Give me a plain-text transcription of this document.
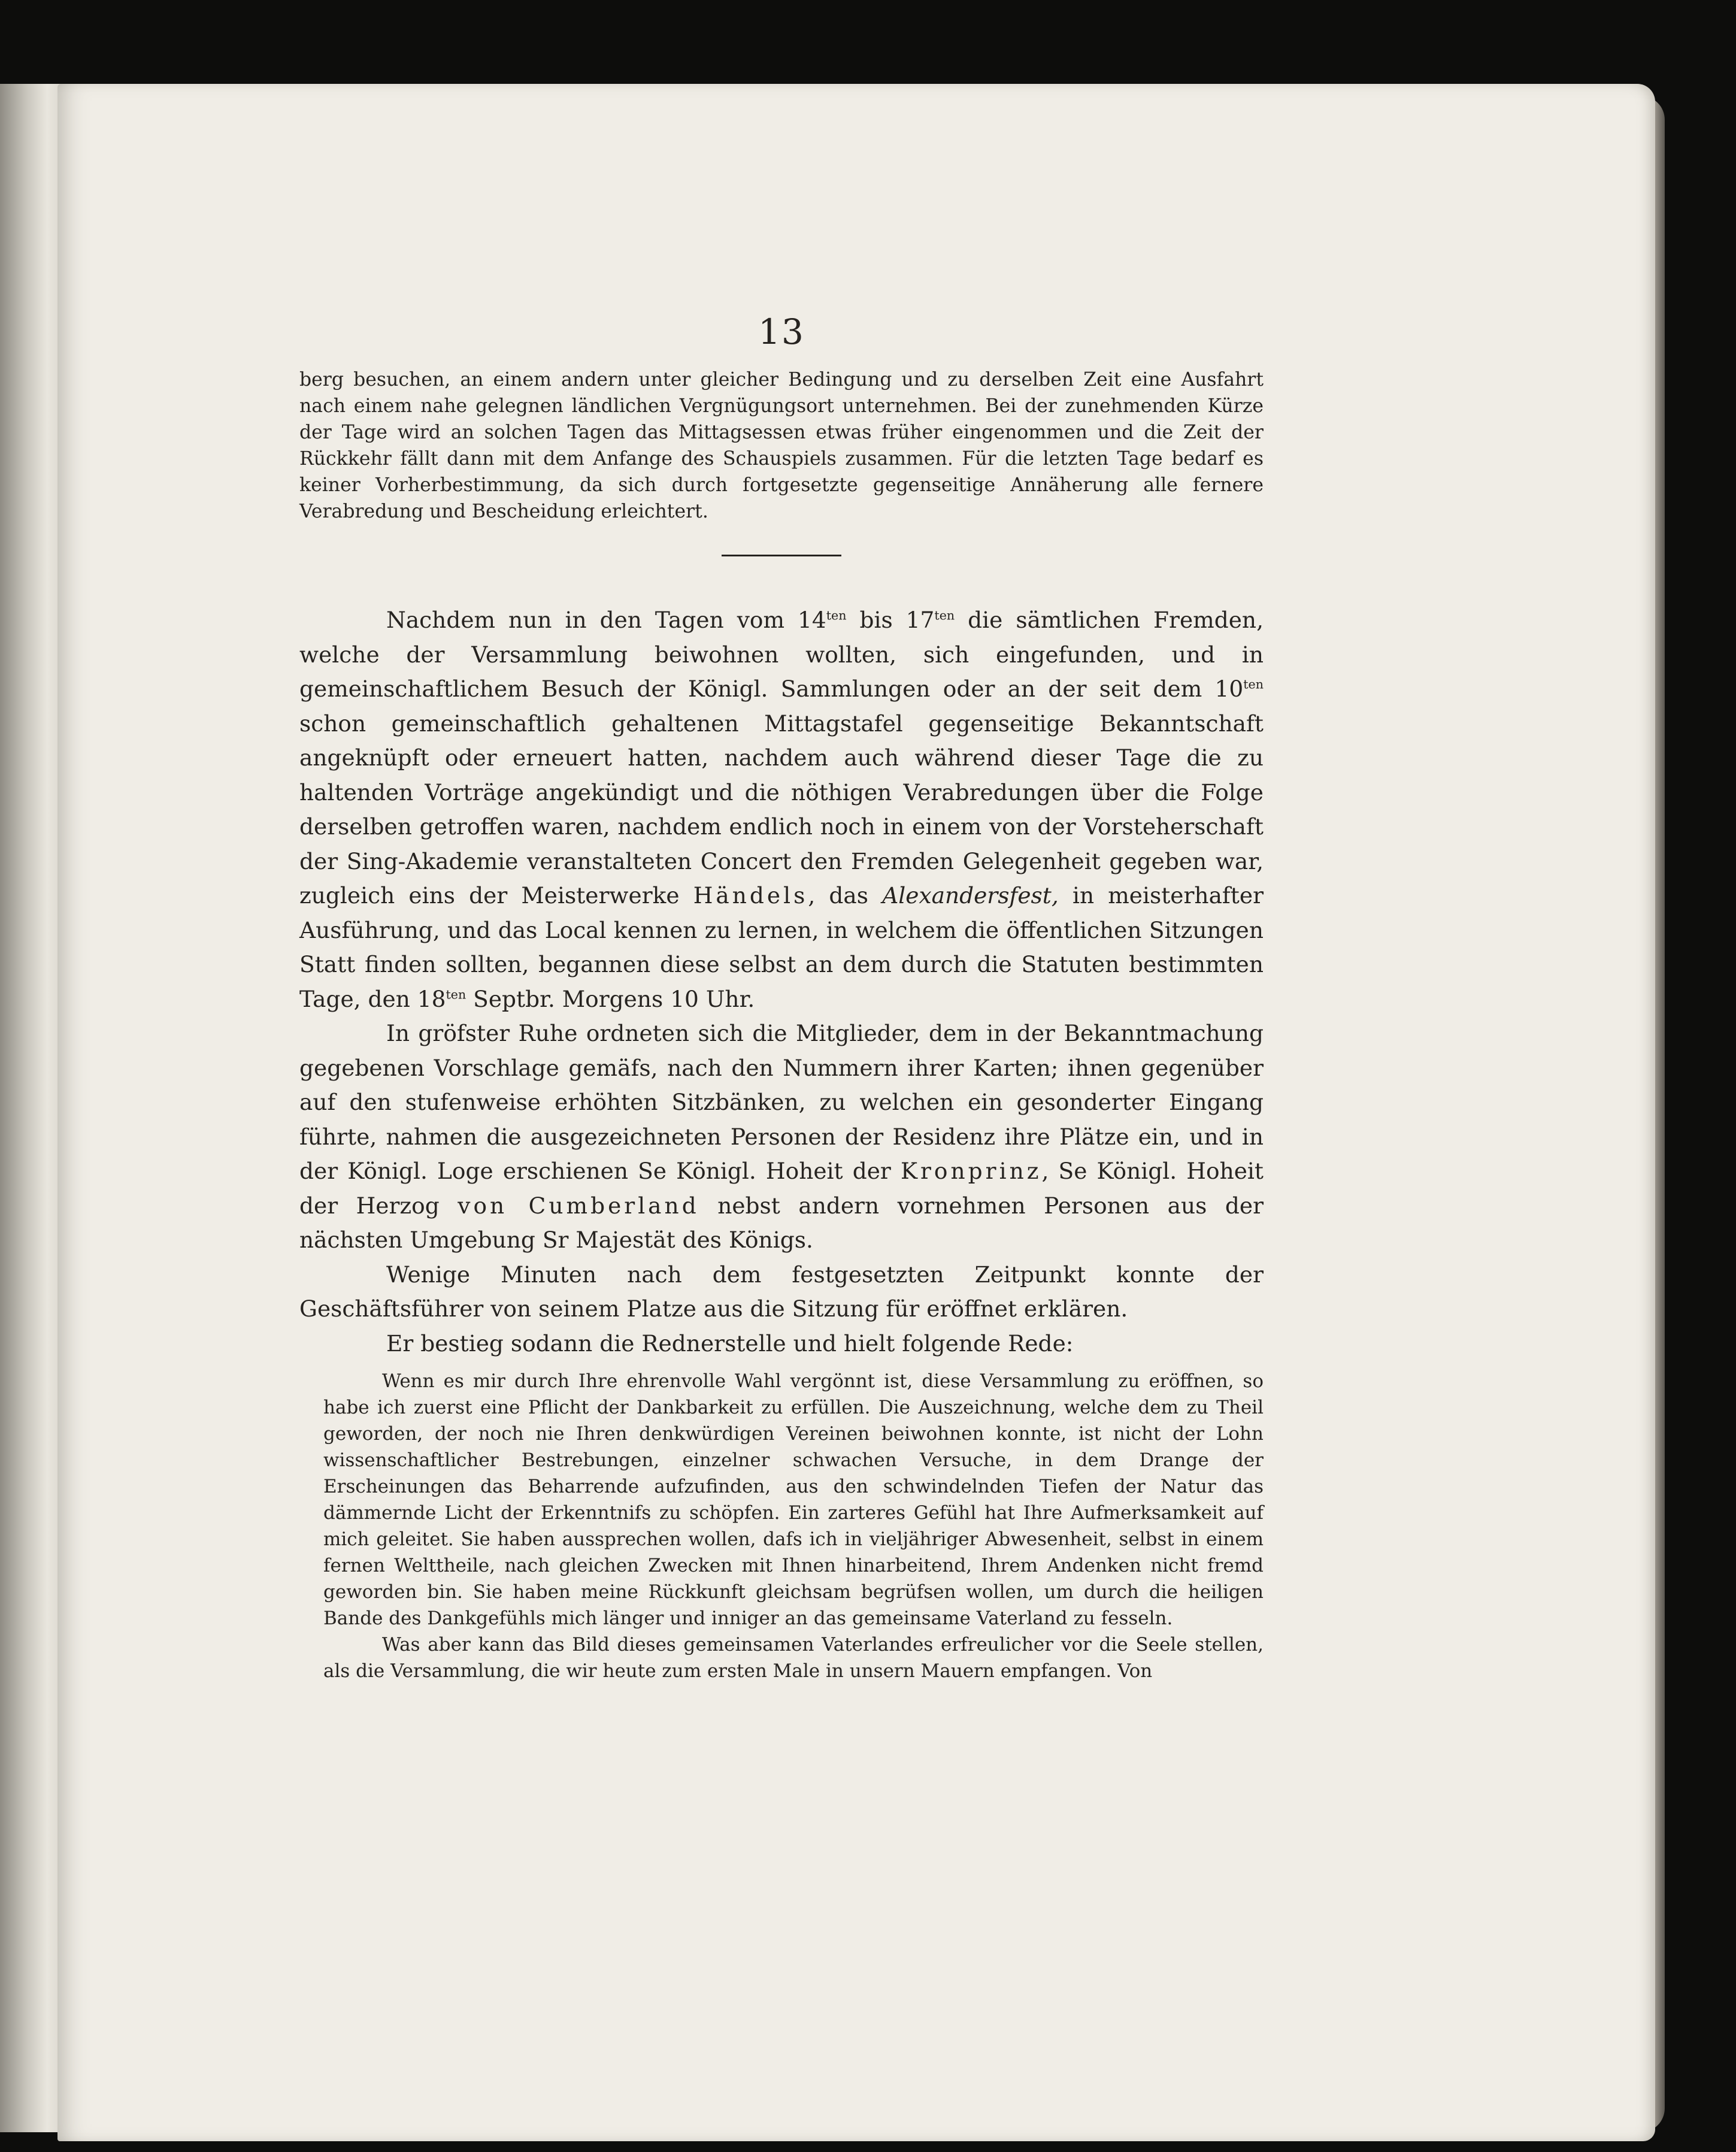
13

berg besuchen, an einem andern unter gleicher Bedingung und zu derselben Zeit eine Ausfahrt nach einem nahe gelegnen ländlichen Vergnügungsort unternehmen. Bei der zunehmenden Kürze der Tage wird an solchen Tagen das Mittagsessen etwas früher eingenommen und die Zeit der Rückkehr fällt dann mit dem Anfange des Schauspiels zusammen. Für die letzten Tage bedarf es keiner Vorherbestimmung, da sich durch fortgesetzte gegenseitige Annäherung alle fernere Verabredung und Bescheidung erleichtert.

Nachdem nun in den Tagen vom $14^{ten}$ bis $17^{ten}$ die sämtlichen Fremden, welche der Versammlung beiwohnen wollten, sich eingefunden, und in gemeinschaftlichem Besuch der Königl. Sammlungen oder an der seit dem $10^{ten}$ schon gemeinschaftlich gehaltenen Mittagstafel gegenseitige Bekanntschaft angeknüpft oder erneuert hatten, nachdem auch während dieser Tage die zu haltenden Vorträge angekündigt und die nöthigen Verabredungen über die Folge derselben getroffen waren, nachdem endlich noch in einem von der Vorsteherschaft der Sing-Akademie veranstalteten Concert den Fremden Gelegenheit gegeben war, zugleich eins der Meisterwerke Händels, das Alexandersfest, in meisterhafter Ausführung, und das Local kennen zu lernen, in welchem die öffentlichen Sitzungen Statt finden sollten, begannen diese selbst an dem durch die Statuten bestimmten Tage, den $18^{ten}$ Septbr. Morgens 10 Uhr.

In gröfster Ruhe ordneten sich die Mitglieder, dem in der Bekanntmachung gegebenen Vorschlage gemäfs, nach den Nummern ihrer Karten; ihnen gegenüber auf den stufenweise erhöhten Sitzbänken, zu welchen ein gesonderter Eingang führte, nahmen die ausgezeichneten Personen der Residenz ihre Plätze ein, und in der Königl. Loge erschienen Se Königl. Hoheit der Kronprinz, Se Königl. Hoheit der Herzog von Cumberland nebst andern vornehmen Personen aus der nächsten Umgebung Sr Majestät des Königs.

Wenige Minuten nach dem festgesetzten Zeitpunkt konnte der Geschäftsführer von seinem Platze aus die Sitzung für eröffnet erklären.

Er bestieg sodann die Rednerstelle und hielt folgende Rede:

Wenn es mir durch Ihre ehrenvolle Wahl vergönnt ist, diese Versammlung zu eröffnen, so habe ich zuerst eine Pflicht der Dankbarkeit zu erfüllen. Die Auszeichnung, welche dem zu Theil geworden, der noch nie Ihren denkwürdigen Vereinen beiwohnen konnte, ist nicht der Lohn wissenschaftlicher Bestrebungen, einzelner schwachen Versuche, in dem Drange der Erscheinungen das Beharrende aufzufinden, aus den schwindelnden Tiefen der Natur das dämmernde Licht der Erkenntnifs zu schöpfen. Ein zarteres Gefühl hat Ihre Aufmerksamkeit auf mich geleitet. Sie haben aussprechen wollen, dafs ich in vieljähriger Abwesenheit, selbst in einem fernen Welttheile, nach gleichen Zwecken mit Ihnen hinarbeitend, Ihrem Andenken nicht fremd geworden bin. Sie haben meine Rückkunft gleichsam begrüfsen wollen, um durch die heiligen Bande des Dankgefühls mich länger und inniger an das gemeinsame Vaterland zu fesseln.

Was aber kann das Bild dieses gemeinsamen Vaterlandes erfreulicher vor die Seele stellen, als die Versammlung, die wir heute zum ersten Male in unsern Mauern empfangen. Von
